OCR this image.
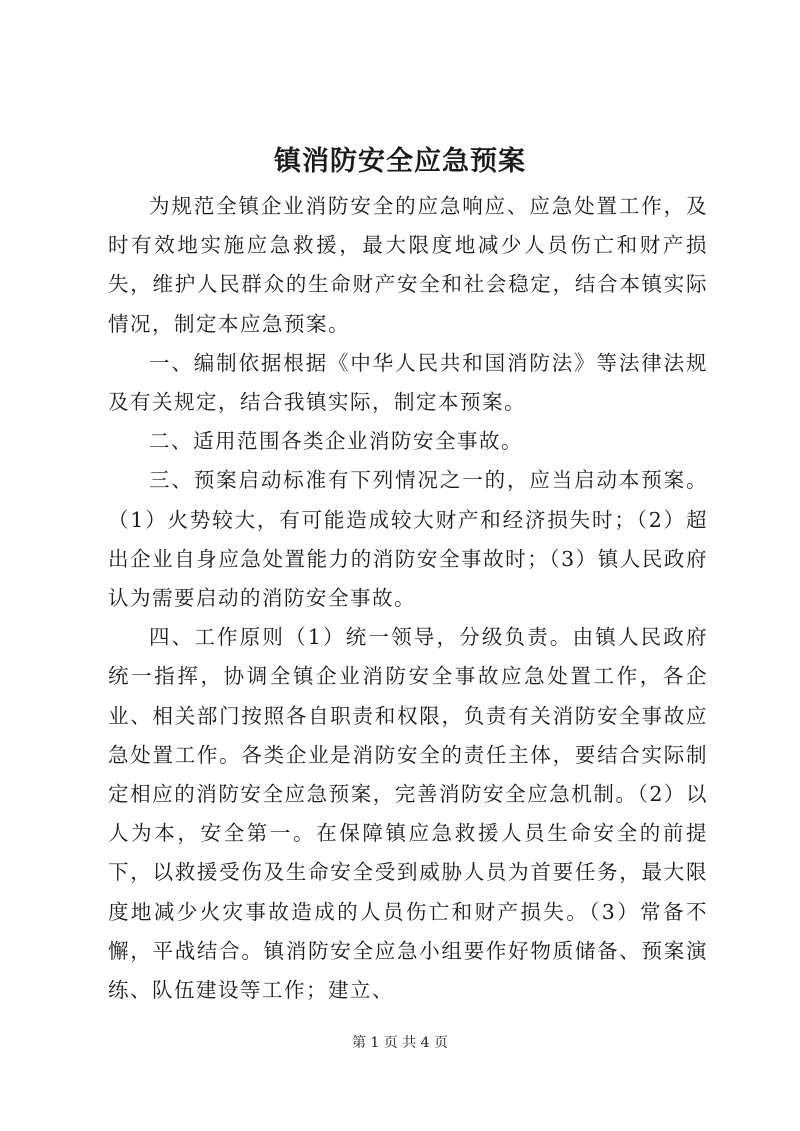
镇消防安全应急预案

为规范全镇企业消防安全的应急响应、应急处置工作，及时有效地实施应急救援，最大限度地减少人员伤亡和财产损失，维护人民群众的生命财产安全和社会稳定，结合本镇实际情况，制定本应急预案。

一、编制依据根据《中华人民共和国消防法》等法律法规及有关规定，结合我镇实际，制定本预案。

二、适用范围各类企业消防安全事故。

三、预案启动标准有下列情况之一的，应当启动本预案。（1）火势较大，有可能造成较大财产和经济损失时；（2）超出企业自身应急处置能力的消防安全事故时；（3）镇人民政府认为需要启动的消防安全事故。

四、工作原则（1）统一领导，分级负责。由镇人民政府统一指挥，协调全镇企业消防安全事故应急处置工作，各企业、相关部门按照各自职责和权限，负责有关消防安全事故应急处置工作。各类企业是消防安全的责任主体，要结合实际制定相应的消防安全应急预案，完善消防安全应急机制。（2）以人为本，安全第一。在保障镇应急救援人员生命安全的前提下，以救援受伤及生命安全受到威胁人员为首要任务，最大限度地减少火灾事故造成的人员伤亡和财产损失。（3）常备不懈，平战结合。镇消防安全应急小组要作好物质储备、预案演练、队伍建设等工作；建立、

第 1 页 共 4 页
